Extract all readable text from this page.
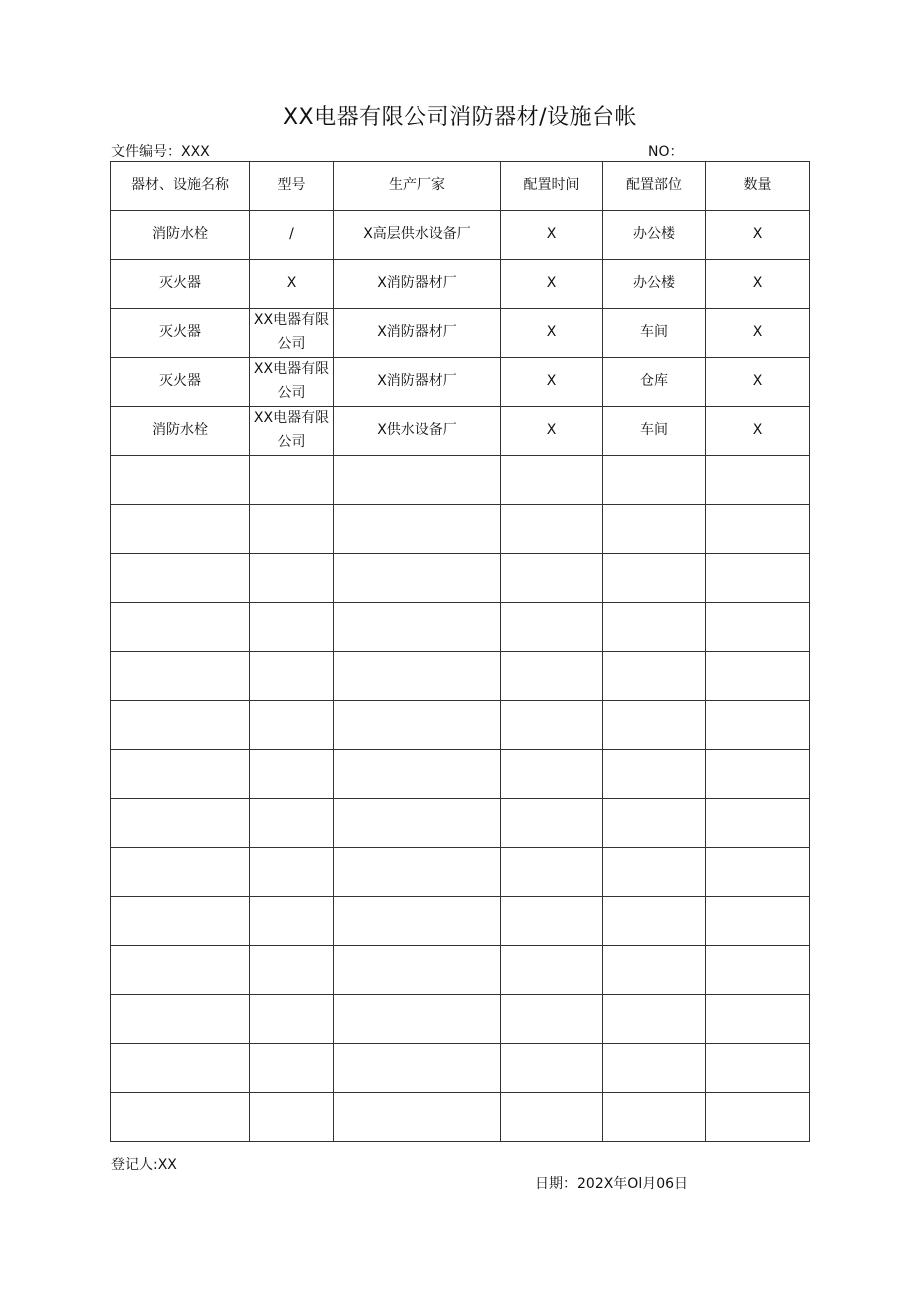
XX电器有限公司消防器材/设施台帐
文件编号：XXX	NO：
器材、设施名称	型号	生产厂家	配置时间	配置部位	数量
消防水栓	/	X高层供水设备厂	X	办公楼	X
灭火器	X	X消防器材厂	X	办公楼	X
灭火器	XX电器有限公司	X消防器材厂	X	车间	X
灭火器	XX电器有限公司	X消防器材厂	X	仓库	X
消防水栓	XX电器有限公司	X供水设备厂	X	车间	X

登记人:XX
日期：202X年Ol月06日
